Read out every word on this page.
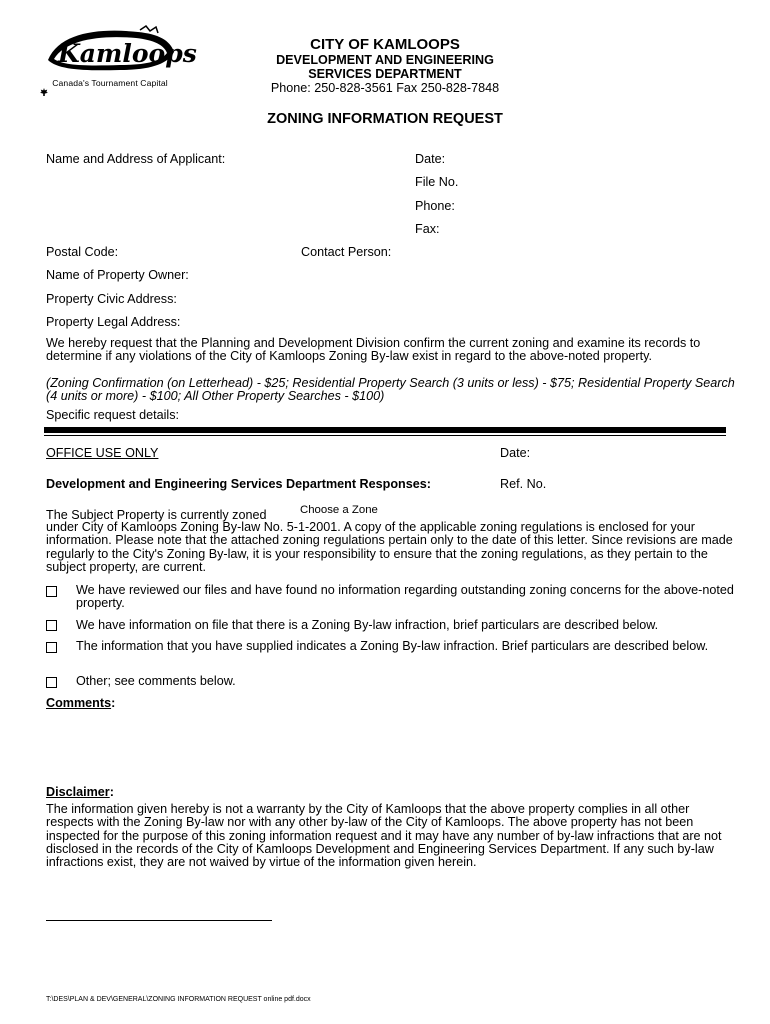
Kamloops
Canada's Tournament Capital
CITY OF KAMLOOPS
DEVELOPMENT AND ENGINEERING
SERVICES DEPARTMENT
Phone: 250-828-3561 Fax 250-828-7848
ZONING INFORMATION REQUEST
Name and Address of Applicant:	Date:
File No.
Phone:
Fax:
Postal Code:	Contact Person:
Name of Property Owner:
Property Civic Address:
Property Legal Address:
We hereby request that the Planning and Development Division confirm the current zoning and examine its records to determine if any violations of the City of Kamloops Zoning By-law exist in regard to the above-noted property.
(Zoning Confirmation (on Letterhead) - $25; Residential Property Search (3 units or less) - $75; Residential Property Search (4 units or more) - $100; All Other Property Searches - $100)
Specific request details:
OFFICE USE ONLY	Date:
Development and Engineering Services Department Responses:	Ref. No.
The Subject Property is currently zoned	Choose a Zone
under City of Kamloops Zoning By-law No. 5-1-2001. A copy of the applicable zoning regulations is enclosed for your information. Please note that the attached zoning regulations pertain only to the date of this letter. Since revisions are made regularly to the City's Zoning By-law, it is your responsibility to ensure that the zoning regulations, as they pertain to the subject property, are current.
We have reviewed our files and have found no information regarding outstanding zoning concerns for the above-noted property.
We have information on file that there is a Zoning By-law infraction, brief particulars are described below.
The information that you have supplied indicates a Zoning By-law infraction. Brief particulars are described below.
Other; see comments below.
Comments:
Disclaimer:
The information given hereby is not a warranty by the City of Kamloops that the above property complies in all other respects with the Zoning By-law nor with any other by-law of the City of Kamloops. The above property has not been inspected for the purpose of this zoning information request and it may have any number of by-law infractions that are not disclosed in the records of the City of Kamloops Development and Engineering Services Department. If any such by-law infractions exist, they are not waived by virtue of the information given herein.
T:\DES\PLAN & DEV\GENERAL\ZONING INFORMATION REQUEST online pdf.docx
